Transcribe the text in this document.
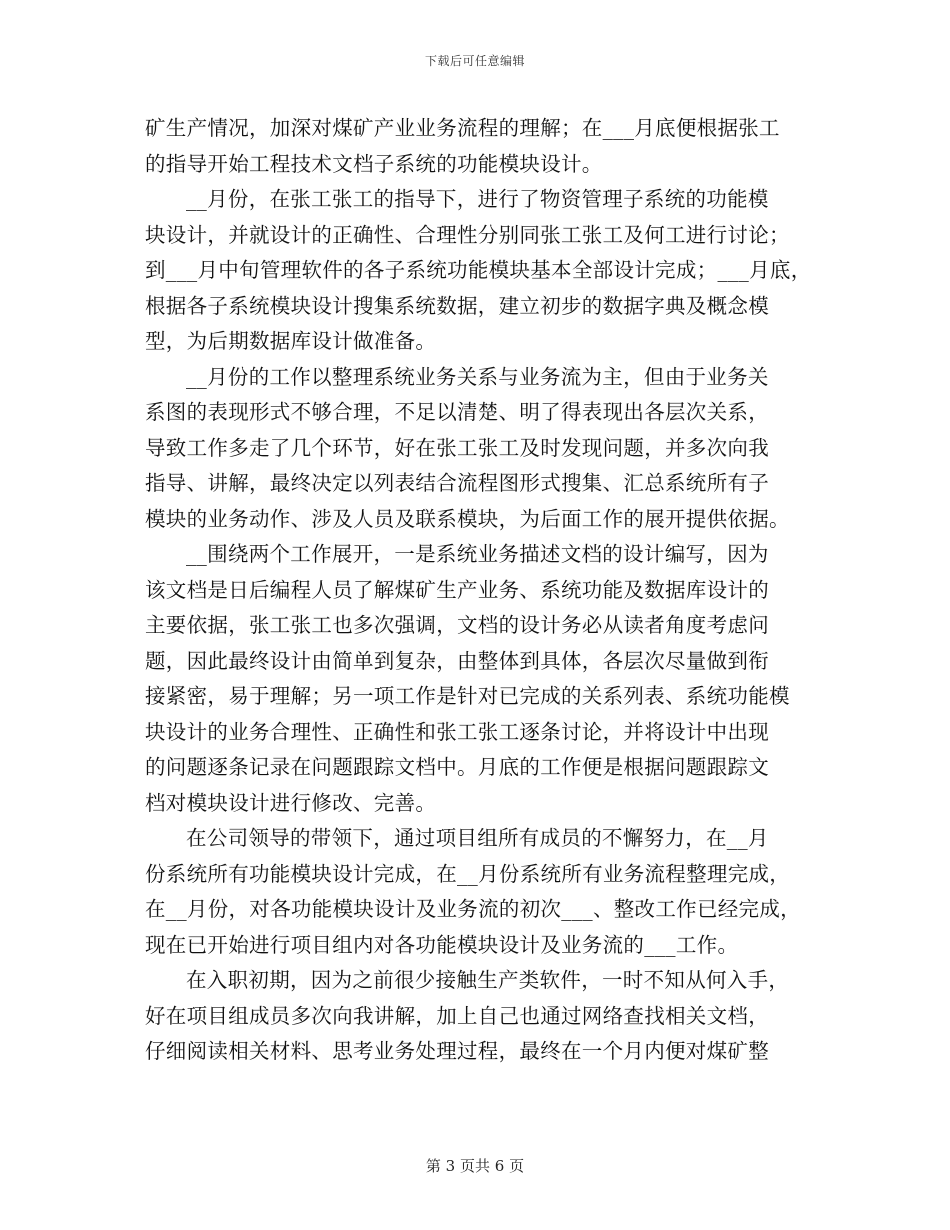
下载后可任意编辑
矿生产情况，加深对煤矿产业业务流程的理解；在___月底便根据张工
的指导开始工程技术文档子系统的功能模块设计。
__月份，在张工张工的指导下，进行了物资管理子系统的功能模
块设计，并就设计的正确性、合理性分别同张工张工及何工进行讨论；
到___月中旬管理软件的各子系统功能模块基本全部设计完成；___月底，
根据各子系统模块设计搜集系统数据，建立初步的数据字典及概念模
型，为后期数据库设计做准备。
__月份的工作以整理系统业务关系与业务流为主，但由于业务关
系图的表现形式不够合理，不足以清楚、明了得表现出各层次关系，
导致工作多走了几个环节，好在张工张工及时发现问题，并多次向我
指导、讲解，最终决定以列表结合流程图形式搜集、汇总系统所有子
模块的业务动作、涉及人员及联系模块，为后面工作的展开提供依据。
__围绕两个工作展开，一是系统业务描述文档的设计编写，因为
该文档是日后编程人员了解煤矿生产业务、系统功能及数据库设计的
主要依据，张工张工也多次强调，文档的设计务必从读者角度考虑问
题，因此最终设计由简单到复杂，由整体到具体，各层次尽量做到衔
接紧密，易于理解；另一项工作是针对已完成的关系列表、系统功能模
块设计的业务合理性、正确性和张工张工逐条讨论，并将设计中出现
的问题逐条记录在问题跟踪文档中。月底的工作便是根据问题跟踪文
档对模块设计进行修改、完善。
在公司领导的带领下，通过项目组所有成员的不懈努力，在__月
份系统所有功能模块设计完成，在__月份系统所有业务流程整理完成，
在__月份，对各功能模块设计及业务流的初次___、整改工作已经完成，
现在已开始进行项目组内对各功能模块设计及业务流的___工作。
在入职初期，因为之前很少接触生产类软件，一时不知从何入手，
好在项目组成员多次向我讲解，加上自己也通过网络查找相关文档，
仔细阅读相关材料、思考业务处理过程，最终在一个月内便对煤矿整
第 3 页共 6 页
